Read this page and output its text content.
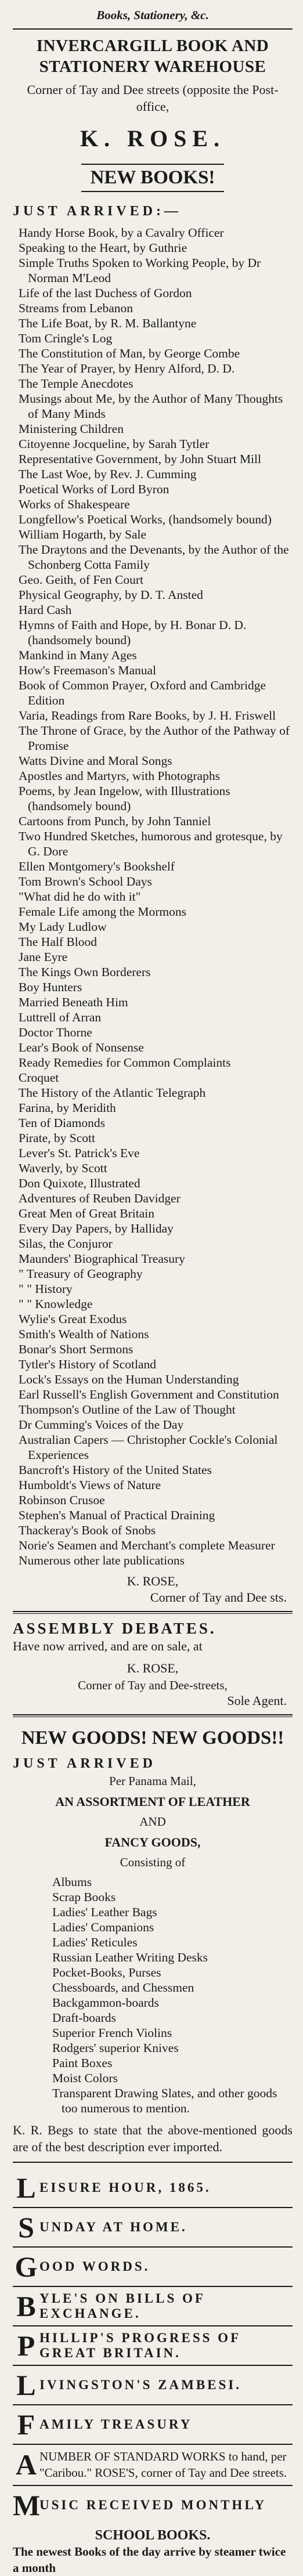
Books, Stationery, &c.
INVERCARGILL BOOK AND STATIONERY WAREHOUSE
Corner of Tay and Dee streets (opposite the Post-office,
K. ROSE.
NEW BOOKS!
JUST ARRIVED:—
Handy Horse Book, by a Cavalry Officer
Speaking to the Heart, by Guthrie
Simple Truths Spoken to Working People, by Dr Norman M'Leod
Life of the last Duchess of Gordon
Streams from Lebanon
The Life Boat, by R. M. Ballantyne
Tom Cringle's Log
The Constitution of Man, by George Combe
The Year of Prayer, by Henry Alford, D. D.
The Temple Anecdotes
Musings about Me, by the Author of Many Thoughts of Many Minds
Ministering Children
Citoyenne Jocqueline, by Sarah Tytler
Representative Government, by John Stuart Mill
The Last Woe, by Rev. J. Cumming
Poetical Works of Lord Byron
Works of Shakespeare
Longfellow's Poetical Works, (handsomely bound)
William Hogarth, by Sale
The Draytons and the Devenants, by the Author of the Schonberg Cotta Family
Geo. Geith, of Fen Court
Physical Geography, by D. T. Ansted
Hard Cash
Hymns of Faith and Hope, by H. Bonar D. D. (handsomely bound)
Mankind in Many Ages
How's Freemason's Manual
Book of Common Prayer, Oxford and Cambridge Edition
Varia, Readings from Rare Books, by J. H. Friswell
The Throne of Grace, by the Author of the Pathway of Promise
Watts Divine and Moral Songs
Apostles and Martyrs, with Photographs
Poems, by Jean Ingelow, with Illustrations (handsomely bound)
Cartoons from Punch, by John Tanniel
Two Hundred Sketches, humorous and grotesque, by G. Dore
Ellen Montgomery's Bookshelf
Tom Brown's School Days
"What did he do with it"
Female Life among the Mormons
My Lady Ludlow
The Half Blood
Jane Eyre
The Kings Own Borderers
Boy Hunters
Married Beneath Him
Luttrell of Arran
Doctor Thorne
Lear's Book of Nonsense
Ready Remedies for Common Complaints
Croquet
The History of the Atlantic Telegraph
Farina, by Meridith
Ten of Diamonds
Pirate, by Scott
Lever's St. Patrick's Eve
Waverly, by Scott
Don Quixote, Illustrated
Adventures of Reuben Davidger
Great Men of Great Britain
Every Day Papers, by Halliday
Silas, the Conjuror
Maunders' Biographical Treasury
" Treasury of Geography
" " History
" " Knowledge
Wylie's Great Exodus
Smith's Wealth of Nations
Bonar's Short Sermons
Tytler's History of Scotland
Lock's Essays on the Human Understanding
Earl Russell's English Government and Constitution
Thompson's Outline of the Law of Thought
Dr Cumming's Voices of the Day
Australian Capers — Christopher Cockle's Colonial Experiences
Bancroft's History of the United States
Humboldt's Views of Nature
Robinson Crusoe
Stephen's Manual of Practical Draining
Thackeray's Book of Snobs
Norie's Seamen and Merchant's complete Measurer
Numerous other late publications
K. ROSE,
Corner of Tay and Dee sts.
ASSEMBLY DEBATES.
Have now arrived, and are on sale, at
K. ROSE,
Corner of Tay and Dee-streets,
Sole Agent.
NEW GOODS! NEW GOODS!!
JUST ARRIVED
Per Panama Mail,
AN ASSORTMENT OF LEATHER
AND
FANCY GOODS,
Consisting of
Albums
Scrap Books
Ladies' Leather Bags
Ladies' Companions
Ladies' Reticules
Russian Leather Writing Desks
Pocket-Books, Purses
Chessboards, and Chessmen
Backgammon-boards
Draft-boards
Superior French Violins
Rodgers' superior Knives
Paint Boxes
Moist Colors
Transparent Drawing Slates, and other goods too numerous to mention.
K. R. Begs to state that the above-mentioned goods are of the best description ever imported.
L EISURE HOUR, 1865.
S UNDAY AT HOME.
G OOD WORDS.
B YLE'S ON BILLS OF EXCHANGE.
P HILLIP'S PROGRESS OF GREAT BRITAIN.
L IVINGSTON'S ZAMBESI.
F AMILY TREASURY
A NUMBER OF STANDARD WORKS to hand, per "Caribou." ROSE'S, corner of Tay and Dee streets.
M
USIC RECEIVED MONTHLY
SCHOOL BOOKS.
The newest Books of the day arrive by steamer twice a month
